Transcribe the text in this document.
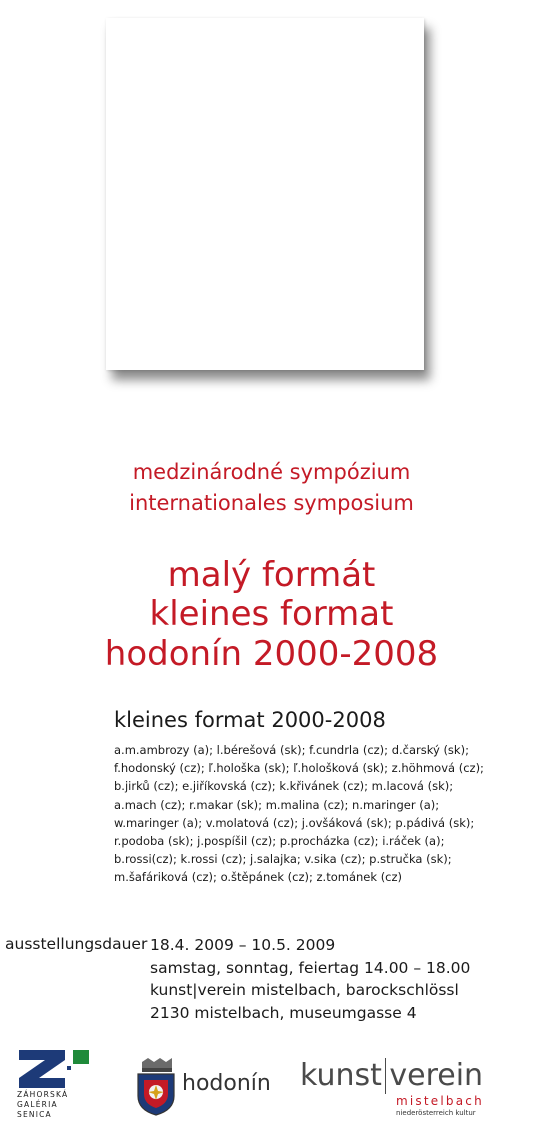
medzinárodné sympózium
internationales symposium
malý formát
kleines format
hodonín 2000-2008
kleines format 2000-2008
a.m.ambrozy (a); l.bérešová (sk); f.cundrla (cz); d.čarský (sk);
f.hodonský (cz); ľ.hološka (sk); ľ.hološková (sk); z.höhmová (cz);
b.jirků (cz); e.jiříkovská (cz); k.křivánek (cz); m.lacová (sk);
a.mach (cz); r.makar (sk); m.malina (cz); n.maringer (a);
w.maringer (a); v.molatová (cz); j.ovšáková (sk); p.pádivá (sk);
r.podoba (sk); j.pospíšil (cz); p.procházka (cz); i.ráček (a);
b.rossi(cz); k.rossi (cz); j.salajka; v.sika (cz); p.stručka (sk);
m.šafáriková (cz); o.štěpánek (cz); z.tománek (cz)
ausstellungsdauer 18.4. 2009 – 10.5. 2009
samstag, sonntag, feiertag 14.00 – 18.00
kunst|verein mistelbach, barockschlössl
2130 mistelbach, museumgasse 4
ZÁHORSKÁ
GALÉRIA
SENICA
hodonín kunst verein
mistelbach
niederösterreich kultur
